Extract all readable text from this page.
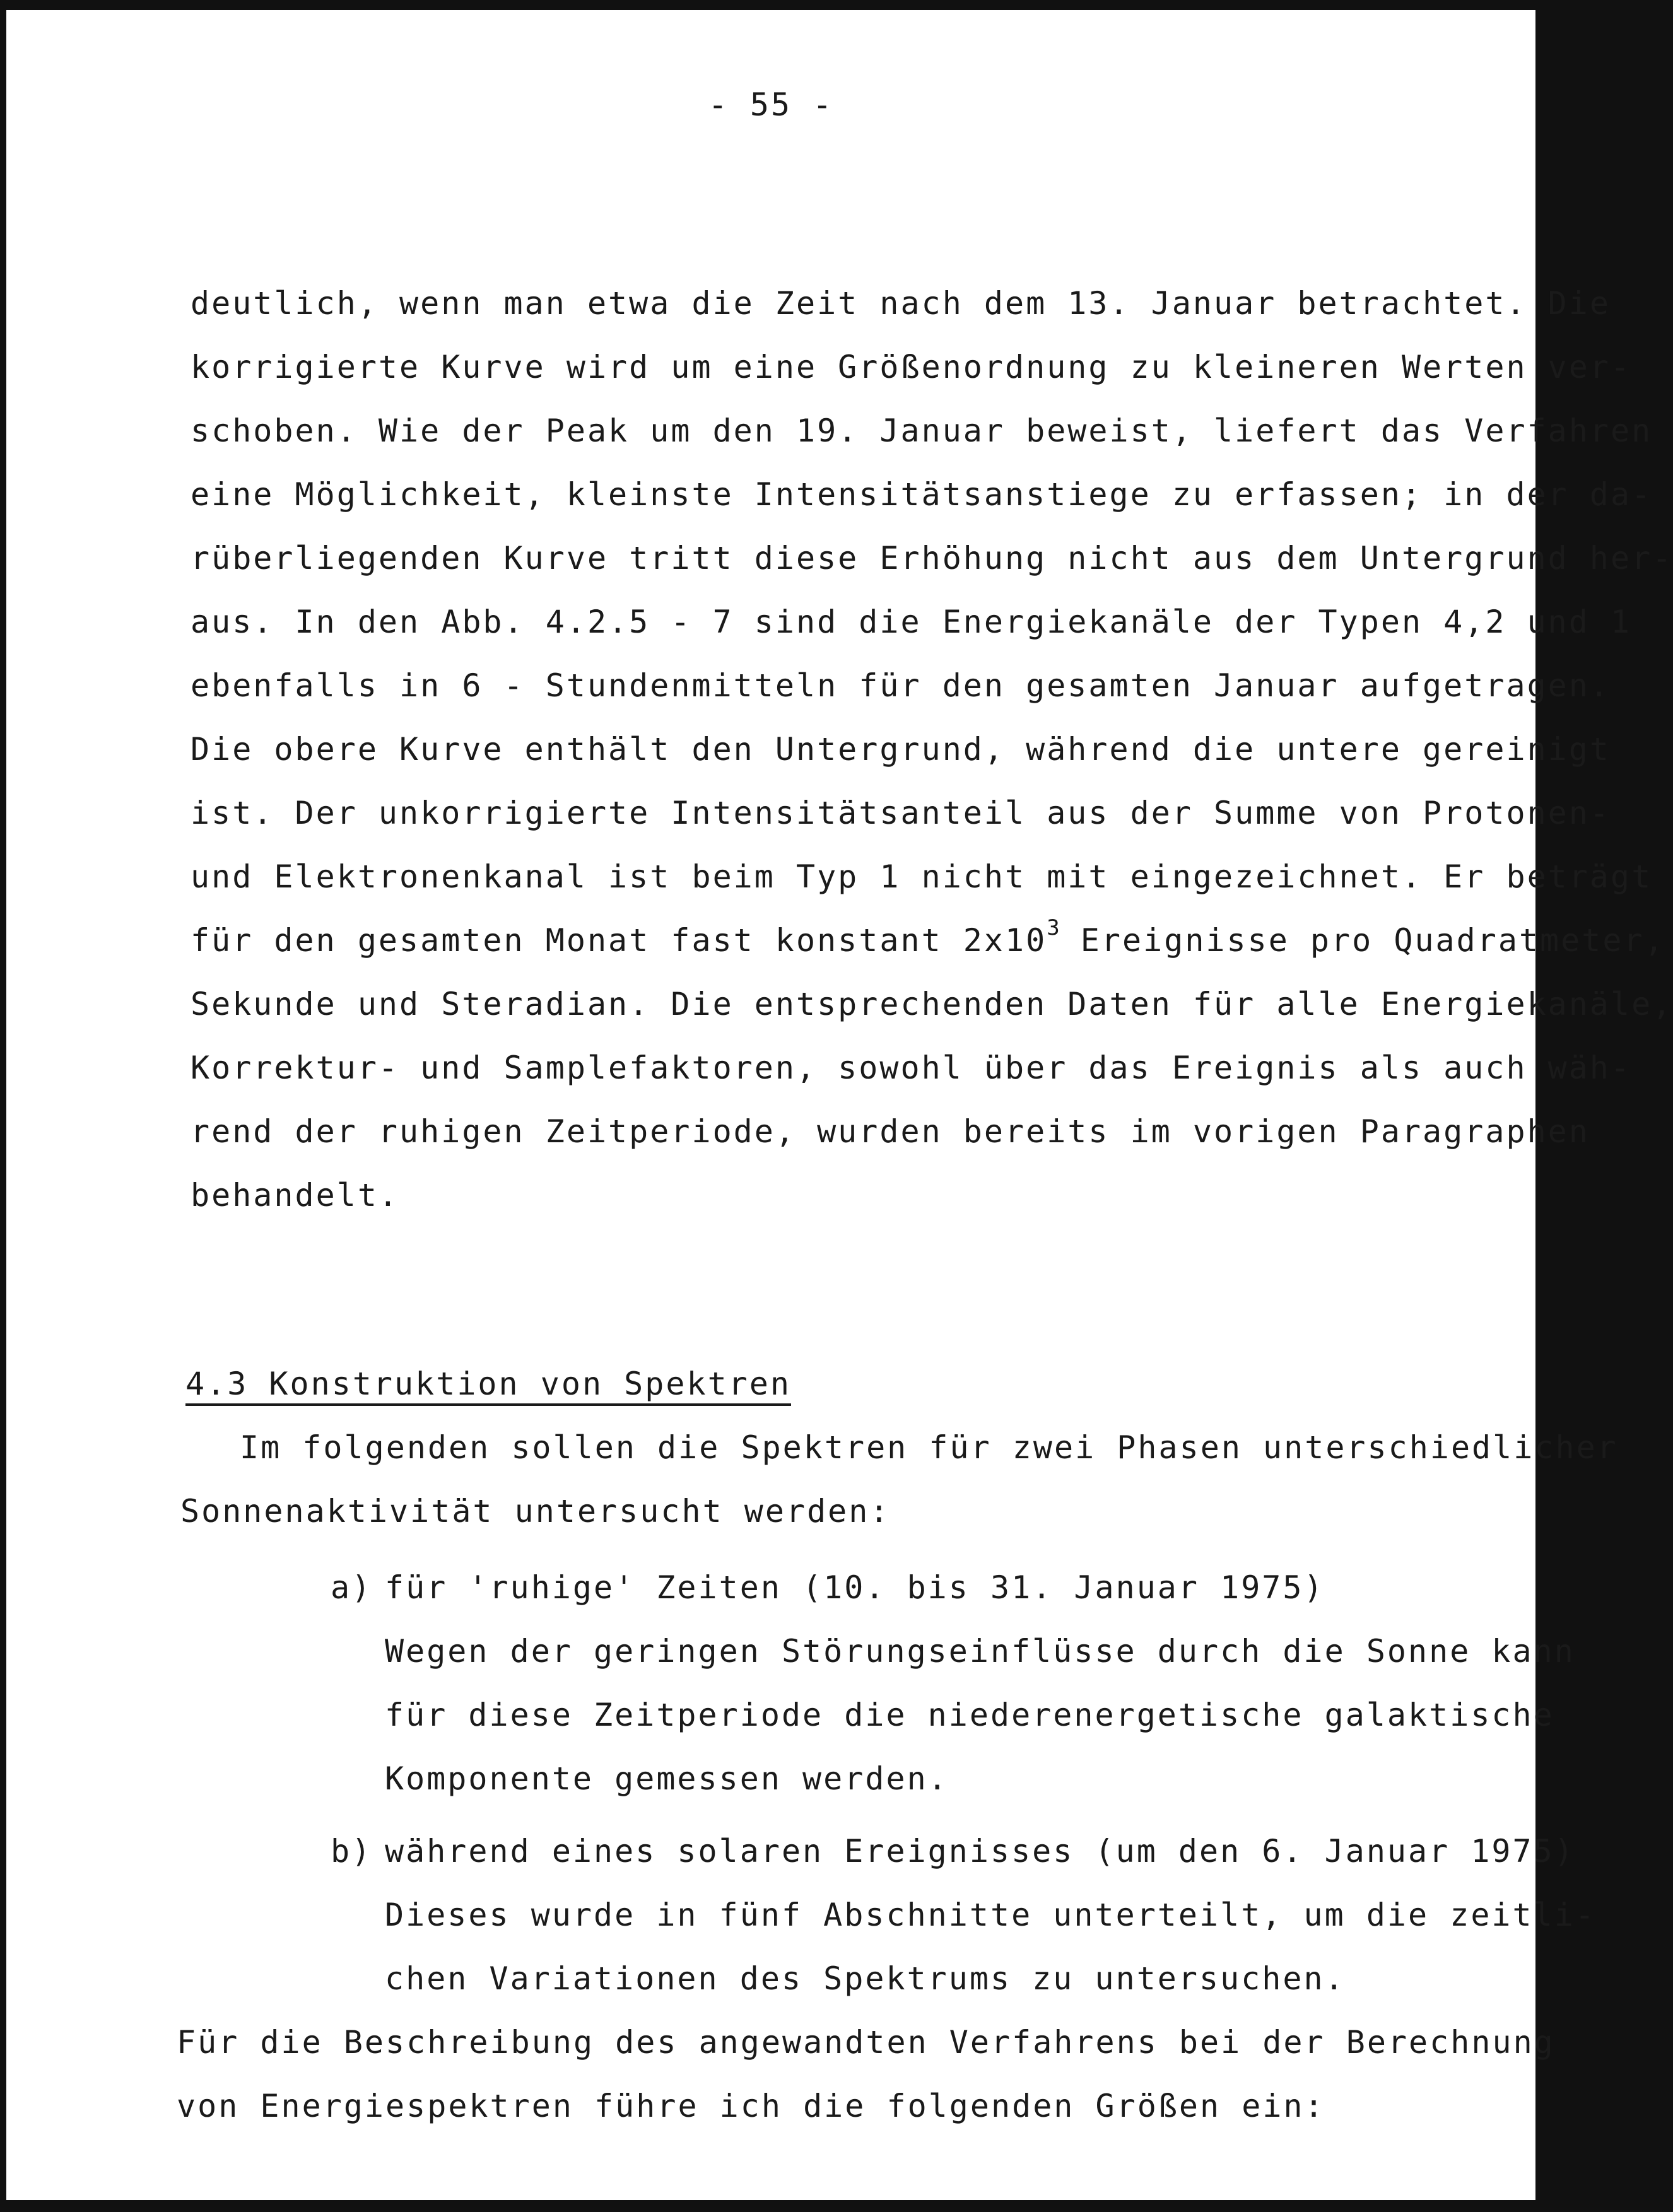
- 55 -
deutlich, wenn man etwa die Zeit nach dem 13. Januar betrachtet. Die
korrigierte Kurve wird um eine Größenordnung zu kleineren Werten ver-
schoben. Wie der Peak um den 19. Januar beweist, liefert das Verfahren
eine Möglichkeit, kleinste Intensitätsanstiege zu erfassen; in der da-
rüberliegenden Kurve tritt diese Erhöhung nicht aus dem Untergrund her-
aus. In den Abb. 4.2.5 - 7 sind die Energiekanäle der Typen 4,2 und 1
ebenfalls in 6 - Stundenmitteln für den gesamten Januar aufgetragen.
Die obere Kurve enthält den Untergrund, während die untere gereinigt
ist. Der unkorrigierte Intensitätsanteil aus der Summe von Protonen-
und Elektronenkanal ist beim Typ 1 nicht mit eingezeichnet. Er beträgt
für den gesamten Monat fast konstant $2x10^3$ Ereignisse pro Quadratmeter,
Sekunde und Steradian. Die entsprechenden Daten für alle Energiekanäle,
Korrektur- und Samplefaktoren, sowohl über das Ereignis als auch wäh-
rend der ruhigen Zeitperiode, wurden bereits im vorigen Paragraphen
behandelt.
4.3 Konstruktion von Spektren
Im folgenden sollen die Spektren für zwei Phasen unterschiedlicher
Sonnenaktivität untersucht werden:
a) für 'ruhige' Zeiten (10. bis 31. Januar 1975)
Wegen der geringen Störungseinflüsse durch die Sonne kann
für diese Zeitperiode die niederenergetische galaktische
Komponente gemessen werden.
b) während eines solaren Ereignisses (um den 6. Januar 1975)
Dieses wurde in fünf Abschnitte unterteilt, um die zeitli-
chen Variationen des Spektrums zu untersuchen.
Für die Beschreibung des angewandten Verfahrens bei der Berechnung
von Energiespektren führe ich die folgenden Größen ein:
